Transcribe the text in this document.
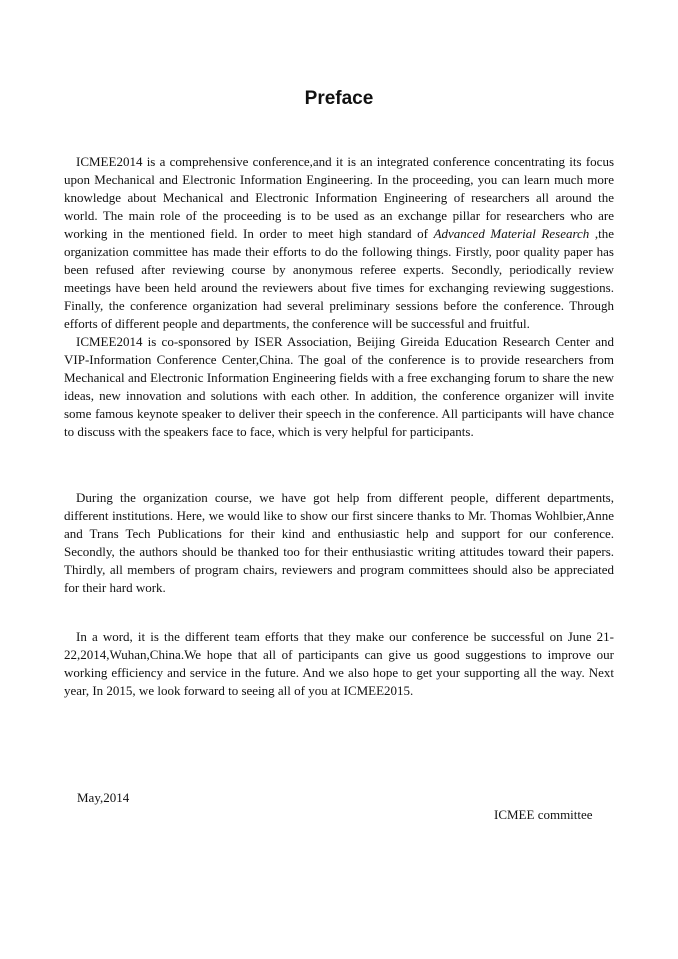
Preface

ICMEE2014 is a comprehensive conference,and it is an integrated conference concentrating its focus upon Mechanical and Electronic Information Engineering. In the proceeding, you can learn much more knowledge about Mechanical and Electronic Information Engineering of researchers all around the world. The main role of the proceeding is to be used as an exchange pillar for researchers who are working in the mentioned field. In order to meet high standard of Advanced Material Research ,the organization committee has made their efforts to do the following things. Firstly, poor quality paper has been refused after reviewing course by anonymous referee experts. Secondly, periodically review meetings have been held around the reviewers about five times for exchanging reviewing suggestions. Finally, the conference organization had several preliminary sessions before the conference. Through efforts of different people and departments, the conference will be successful and fruitful.

ICMEE2014 is co-sponsored by ISER Association, Beijing Gireida Education Research Center and VIP-Information Conference Center,China. The goal of the conference is to provide researchers from Mechanical and Electronic Information Engineering fields with a free exchanging forum to share the new ideas, new innovation and solutions with each other. In addition, the conference organizer will invite some famous keynote speaker to deliver their speech in the conference. All participants will have chance to discuss with the speakers face to face, which is very helpful for participants.

During the organization course, we have got help from different people, different departments, different institutions. Here, we would like to show our first sincere thanks to Mr. Thomas Wohlbier,Anne and Trans Tech Publications for their kind and enthusiastic help and support for our conference. Secondly, the authors should be thanked too for their enthusiastic writing attitudes toward their papers. Thirdly, all members of program chairs, reviewers and program committees should also be appreciated for their hard work.

In a word, it is the different team efforts that they make our conference be successful on June 21-22,2014,Wuhan,China.We hope that all of participants can give us good suggestions to improve our working efficiency and service in the future. And we also hope to get your supporting all the way. Next year, In 2015, we look forward to seeing all of you at ICMEE2015.

May,2014
ICMEE committee
